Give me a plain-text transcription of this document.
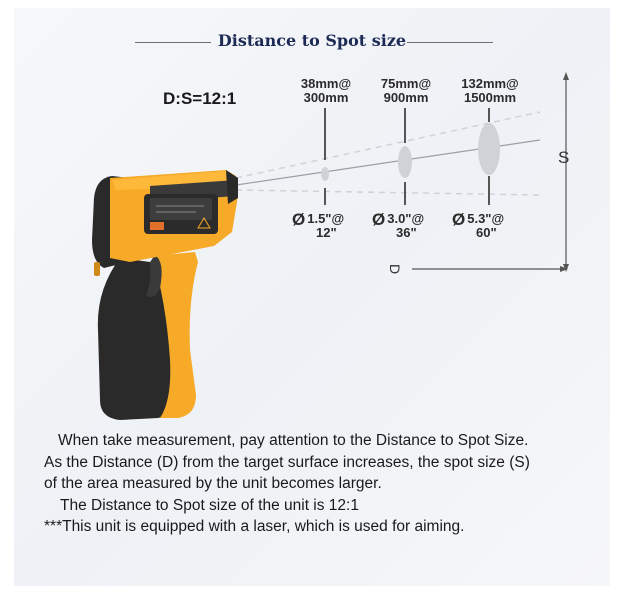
Distance to Spot size
D:S=12:1
38mm@
300mm
75mm@
900mm
132mm@
1500mm
Ø 1.5"@
12"
Ø 3.0"@
36"
Ø 5.3"@
60"
S
D

When take measurement, pay attention to the Distance to Spot Size.

As the Distance (D) from the target surface increases, the spot size (S)

of the area measured by the unit becomes larger.

The Distance to Spot size of the unit is 12:1

***This unit is equipped with a laser, which is used for aiming.
